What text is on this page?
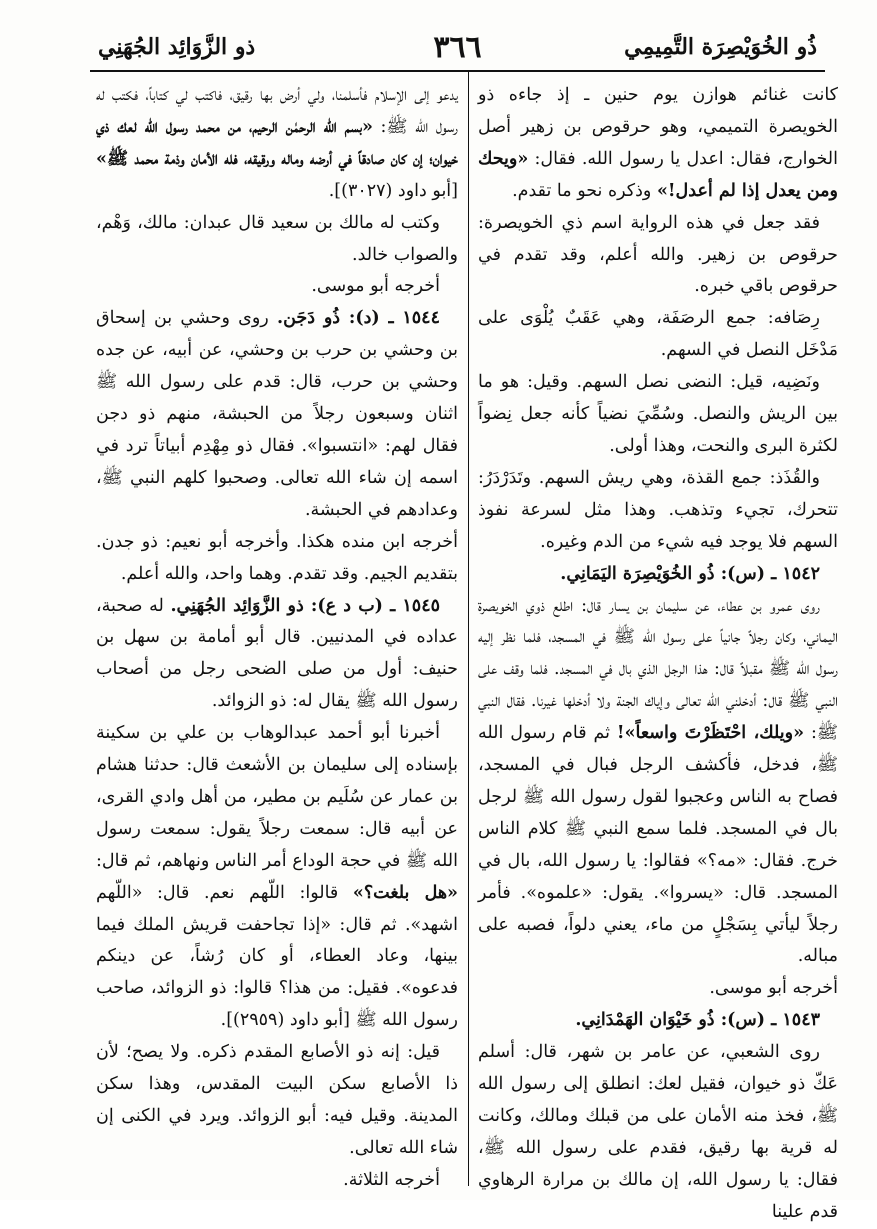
ذُو الخُوَيْصِرَة التَّمِيمِي
٣٦٦
ذو الزَّوَائِد الجُهَنِي

كانت غنائم هوازن يوم حنين ـ إذ جاءه ذو الخويصرة التميمي، وهو حرقوص بن زهير أصل الخوارج، فقال: اعدل يا رسول الله. فقال: «ويحك ومن يعدل إذا لم أعدل!» وذكره نحو ما تقدم.

فقد جعل في هذه الرواية اسم ذي الخويصرة: حرقوص بن زهير. والله أعلم، وقد تقدم في حرقوص باقي خبره.

رِصَافه: جمع الرصَفَة، وهي عَقَبٌ يُلْوَى على مَدْخَل النصل في السهم.

ونَضِيه، قيل: النضى نصل السهم. وقيل: هو ما بين الريش والنصل. وسُمِّيَ نضياً كأنه جعل نِضواً لكثرة البرى والنحت، وهذا أولى.

والقُذَذ: جمع القذة، وهي ريش السهم. وتَدَرْدَرُ: تتحرك، تجيء وتذهب. وهذا مثل لسرعة نفوذ السهم فلا يوجد فيه شيء من الدم وغيره.

١٥٤٢ ـ (س): ذُو الخُوَيْصِرَة اليَمَانِي.

روى عمرو بن عطاء، عن سليمان بن يسار قال: اطلع ذوي الخويصرة اليماني، وكان رجلاً جانياً على رسول الله ﷺ في المسجد، فلما نظر إليه رسول الله ﷺ مقبلاً قال: هذا الرجل الذي بال في المسجد. فلما وقف على النبي ﷺ قال: أدخلني الله تعالى وإياك الجنة ولا أدخلها غيرنا. فقال النبي ﷺ: «ويلك، احْتَظَرْتَ واسعاً»! ثم قام رسول الله ﷺ، فدخل، فأكشف الرجل فبال في المسجد، فصاح به الناس وعجبوا لقول رسول الله ﷺ لرجل بال في المسجد. فلما سمع النبي ﷺ كلام الناس خرج. فقال: «مه؟» فقالوا: يا رسول الله، بال في المسجد. قال: «يسروا». يقول: «علموه». فأمر رجلاً ليأتي بِسَجْلٍ من ماء، يعني دلواً، فصبه على مباله.

أخرجه أبو موسى.

١٥٤٣ ـ (س): ذُو خَيْوَان الهَمْدَانِي.

روى الشعبي، عن عامر بن شهر، قال: أسلم عَكّ ذو خيوان، فقيل لعك: انطلق إلى رسول الله ﷺ، فخذ منه الأمان على من قبلك ومالك، وكانت له قرية بها رقيق، فقدم على رسول الله ﷺ، فقال: يا رسول الله، إن مالك بن مرارة الرهاوي قدم علينا

يدعو إلى الإسلام فأسلمنا، ولي أرض بها رقيق، فاكتب لي كتاباً، فكتب له رسول الله ﷺ: «بسم الله الرحمٰن الرحيم، من محمد رسول الله لعك ذي خيوان؛ إن كان صادقاً في أرضه وماله ورقيقه، فله الأمان وذمة محمد ﷺ» [أبو داود (٣٠٢٧)].

وكتب له مالك بن سعيد قال عبدان: مالك، وَهْم، والصواب خالد.

أخرجه أبو موسى.

١٥٤٤ ـ (د): ذُو دَجَن. روى وحشي بن إسحاق بن وحشي بن حرب بن وحشي، عن أبيه، عن جده وحشي بن حرب، قال: قدم على رسول الله ﷺ اثنان وسبعون رجلاً من الحبشة، منهم ذو دجن فقال لهم: «انتسبوا». فقال ذو مِهْدِم أبياتاً ترد في اسمه إن شاء الله تعالى. وصحبوا كلهم النبي ﷺ، وعدادهم في الحبشة.

أخرجه ابن منده هكذا. وأخرجه أبو نعيم: ذو جدن. بتقديم الجيم. وقد تقدم. وهما واحد، والله أعلم.

١٥٤٥ ـ (ب د ع): ذو الزَّوَائِد الجُهَنِي. له صحبة، عداده في المدنيين. قال أبو أمامة بن سهل بن حنيف: أول من صلى الضحى رجل من أصحاب رسول الله ﷺ يقال له: ذو الزوائد.

أخبرنا أبو أحمد عبدالوهاب بن علي بن سكينة بإسناده إلى سليمان بن الأشعث قال: حدثنا هشام بن عمار عن سُلَيم بن مطير، من أهل وادي القرى، عن أبيه قال: سمعت رجلاً يقول: سمعت رسول الله ﷺ في حجة الوداع أمر الناس ونهاهم، ثم قال: «هل بلغت؟» قالوا: اللّهم نعم. قال: «اللّهم اشهد». ثم قال: «إذا تجاحفت قريش الملك فيما بينها، وعاد العطاء، أو كان رُشاً، عن دينكم فدعوه». فقيل: من هذا؟ قالوا: ذو الزوائد، صاحب رسول الله ﷺ [أبو داود (٢٩٥٩)].

قيل: إنه ذو الأصابع المقدم ذكره. ولا يصح؛ لأن ذا الأصابع سكن البيت المقدس، وهذا سكن المدينة. وقيل فيه: أبو الزوائد. ويرد في الكنى إن شاء الله تعالى.

أخرجه الثلاثة.
